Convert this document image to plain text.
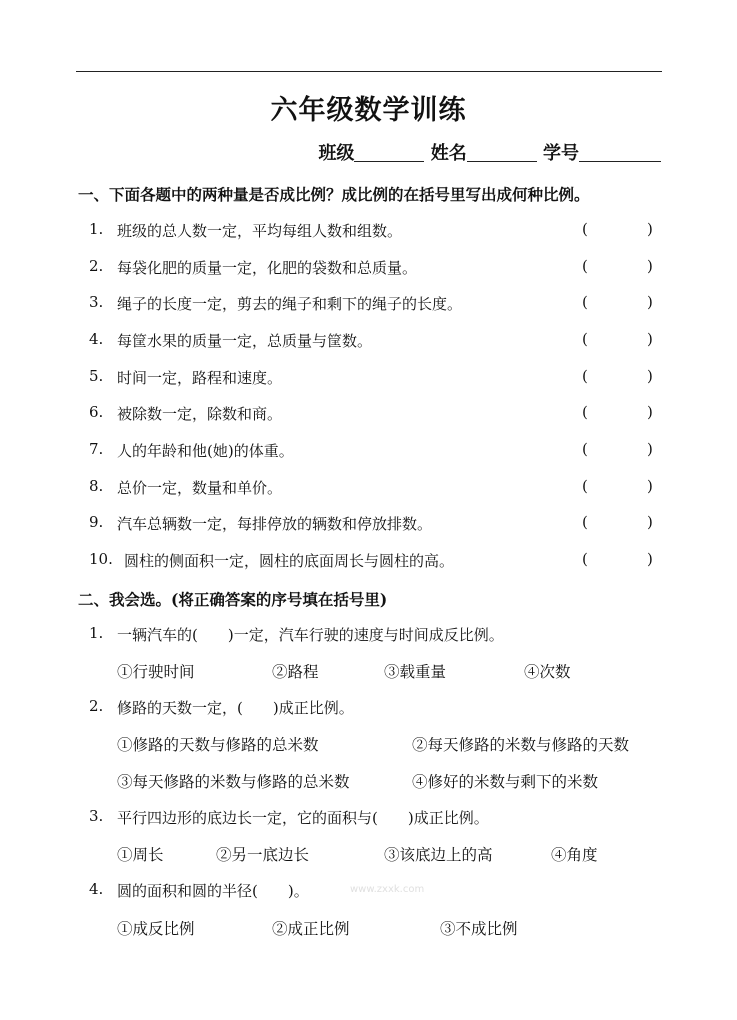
六年级数学训练
班级	姓名	学号
一、下面各题中的两种量是否成比例？成比例的在括号里写出成何种比例。
1. 班级的总人数一定，平均每组人数和组数。	(	)
2. 每袋化肥的质量一定，化肥的袋数和总质量。	(	)
3. 绳子的长度一定，剪去的绳子和剩下的绳子的长度。	(	)
4. 每筐水果的质量一定，总质量与筐数。	(	)
5. 时间一定，路程和速度。	(	)
6. 被除数一定，除数和商。	(	)
7. 人的年龄和他(她)的体重。	(	)
8. 总价一定，数量和单价。	(	)
9. 汽车总辆数一定，每排停放的辆数和停放排数。	(	)
10. 圆柱的侧面积一定，圆柱的底面周长与圆柱的高。	(	)
二、我会选。(将正确答案的序号填在括号里)
1. 一辆汽车的(　　)一定，汽车行驶的速度与时间成反比例。
①行驶时间	②路程	③载重量	④次数
2. 修路的天数一定，(　　)成正比例。
①修路的天数与修路的总米数	②每天修路的米数与修路的天数
③每天修路的米数与修路的总米数	④修好的米数与剩下的米数
3. 平行四边形的底边长一定，它的面积与(　　)成正比例。
①周长	②另一底边长	③该底边上的高	④角度
4. 圆的面积和圆的半径(　　)。
①成反比例	②成正比例	③不成比例
www.zxxk.com
